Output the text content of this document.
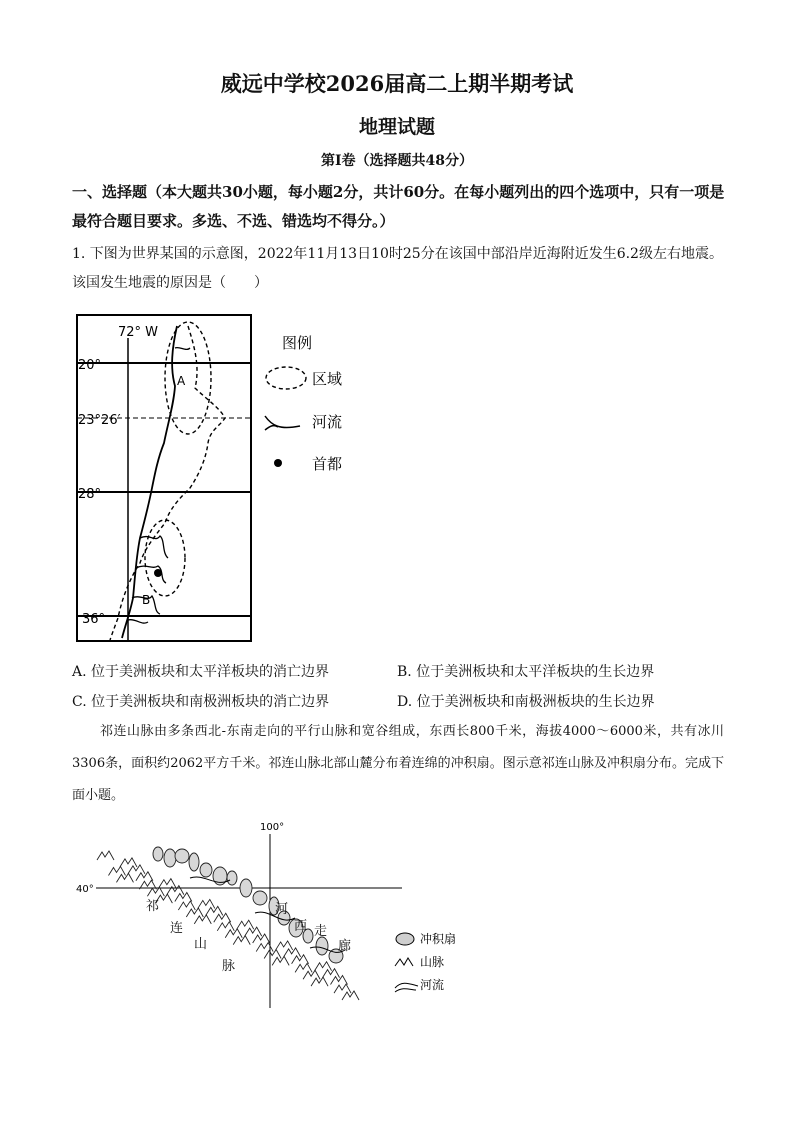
威远中学校2026届高二上期半期考试
地理试题
第I卷（选择题共48分）
一、选择题（本大题共30小题，每小题2分，共计60分。在每小题列出的四个选项中，只有一项是最符合题目要求。多选、不选、错选均不得分。）
1. 下图为世界某国的示意图，2022年11月13日10时25分在该国中部沿岸近海附近发生6.2级左右地震。该国发生地震的原因是（　　）
72° W
20°
23°26′
28°
36°
A
B
图例
区域
河流
首都
A. 位于美洲板块和太平洋板块的消亡边界	B. 位于美洲板块和太平洋板块的生长边界
C. 位于美洲板块和南极洲板块的消亡边界	D. 位于美洲板块和南极洲板块的生长边界
祁连山脉由多条西北-东南走向的平行山脉和宽谷组成，东西长800千米，海拔4000～6000米，共有冰川3306条，面积约2062平方千米。祁连山脉北部山麓分布着连绵的冲积扇。图示意祁连山脉及冲积扇分布。完成下面小题。
100°
40°
祁
连
山
脉
河
西 走
廊	冲积扇
山脉
河流
